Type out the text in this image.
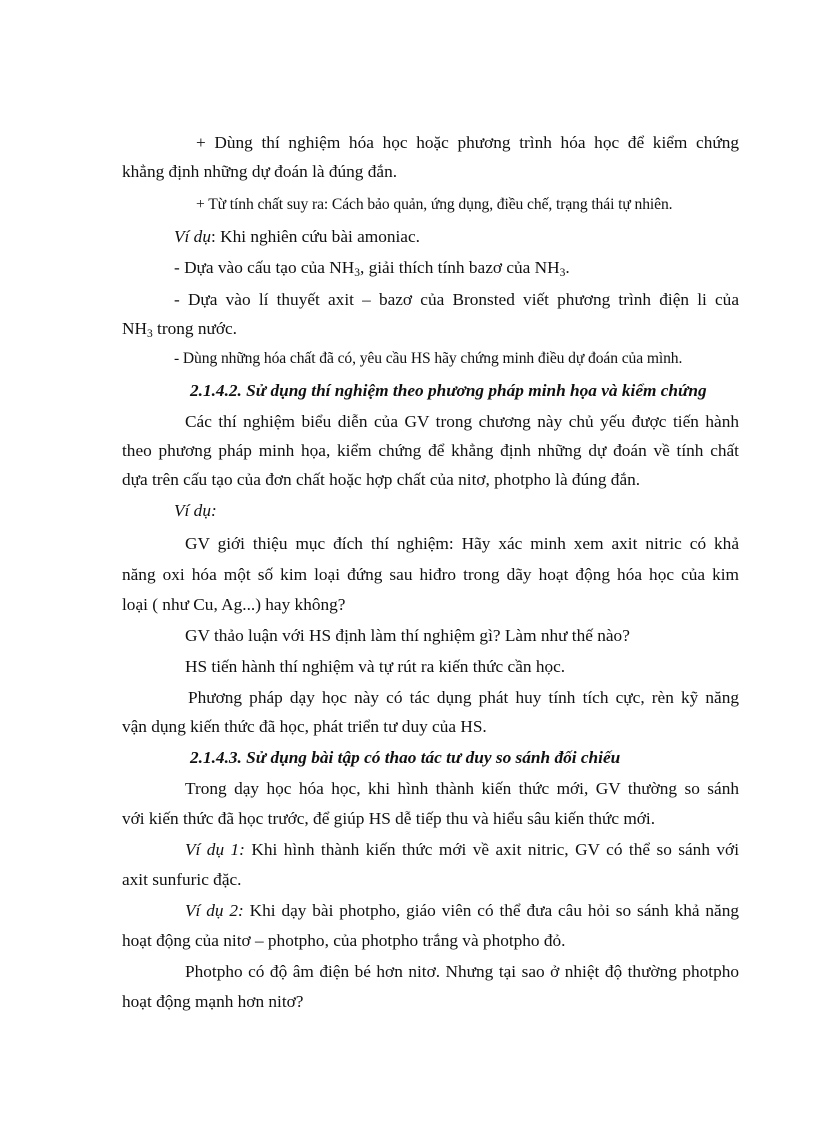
+ Dùng thí nghiệm hóa học hoặc phương trình hóa học để kiểm chứng
khẳng định những dự đoán là đúng đắn.
+ Từ tính chất suy ra: Cách bảo quản, ứng dụng, điều chế, trạng thái tự nhiên.
Ví dụ: Khi nghiên cứu bài amoniac.
- Dựa vào cấu tạo của $NH_3$, giải thích tính bazơ của $NH_3$.
- Dựa vào lí thuyết axit – bazơ của Bronsted viết phương trình điện li của
$NH_3$ trong nước.
- Dùng những hóa chất đã có, yêu cầu HS hãy chứng minh điều dự đoán của mình.
2.1.4.2. Sử dụng thí nghiệm theo phương pháp minh họa và kiểm chứng
Các thí nghiệm biểu diễn của GV trong chương này chủ yếu được tiến hành
theo phương pháp minh họa, kiểm chứng để khẳng định những dự đoán về tính chất
dựa trên cấu tạo của đơn chất hoặc hợp chất của nitơ, photpho là đúng đắn.
Ví dụ:
GV giới thiệu mục đích thí nghiệm: Hãy xác minh xem axit nitric có khả
năng oxi hóa một số kim loại đứng sau hiđro trong dãy hoạt động hóa học của kim
loại ( như Cu, Ag...) hay không?
GV thảo luận với HS định làm thí nghiệm gì? Làm như thế nào?
HS tiến hành thí nghiệm và tự rút ra kiến thức cần học.
Phương pháp dạy học này có tác dụng phát huy tính tích cực, rèn kỹ năng
vận dụng kiến thức đã học, phát triển tư duy của HS.
2.1.4.3. Sử dụng bài tập có thao tác tư duy so sánh đối chiếu
Trong dạy học hóa học, khi hình thành kiến thức mới, GV thường so sánh
với kiến thức đã học trước, để giúp HS dễ tiếp thu và hiểu sâu kiến thức mới.
Ví dụ 1: Khi hình thành kiến thức mới về axit nitric, GV có thể so sánh với
axit sunfuric đặc.
Ví dụ 2: Khi dạy bài photpho, giáo viên có thể đưa câu hỏi so sánh khả năng
hoạt động của nitơ – photpho, của photpho trắng và photpho đỏ.
Photpho có độ âm điện bé hơn nitơ. Nhưng tại sao ở nhiệt độ thường photpho
hoạt động mạnh hơn nitơ?
